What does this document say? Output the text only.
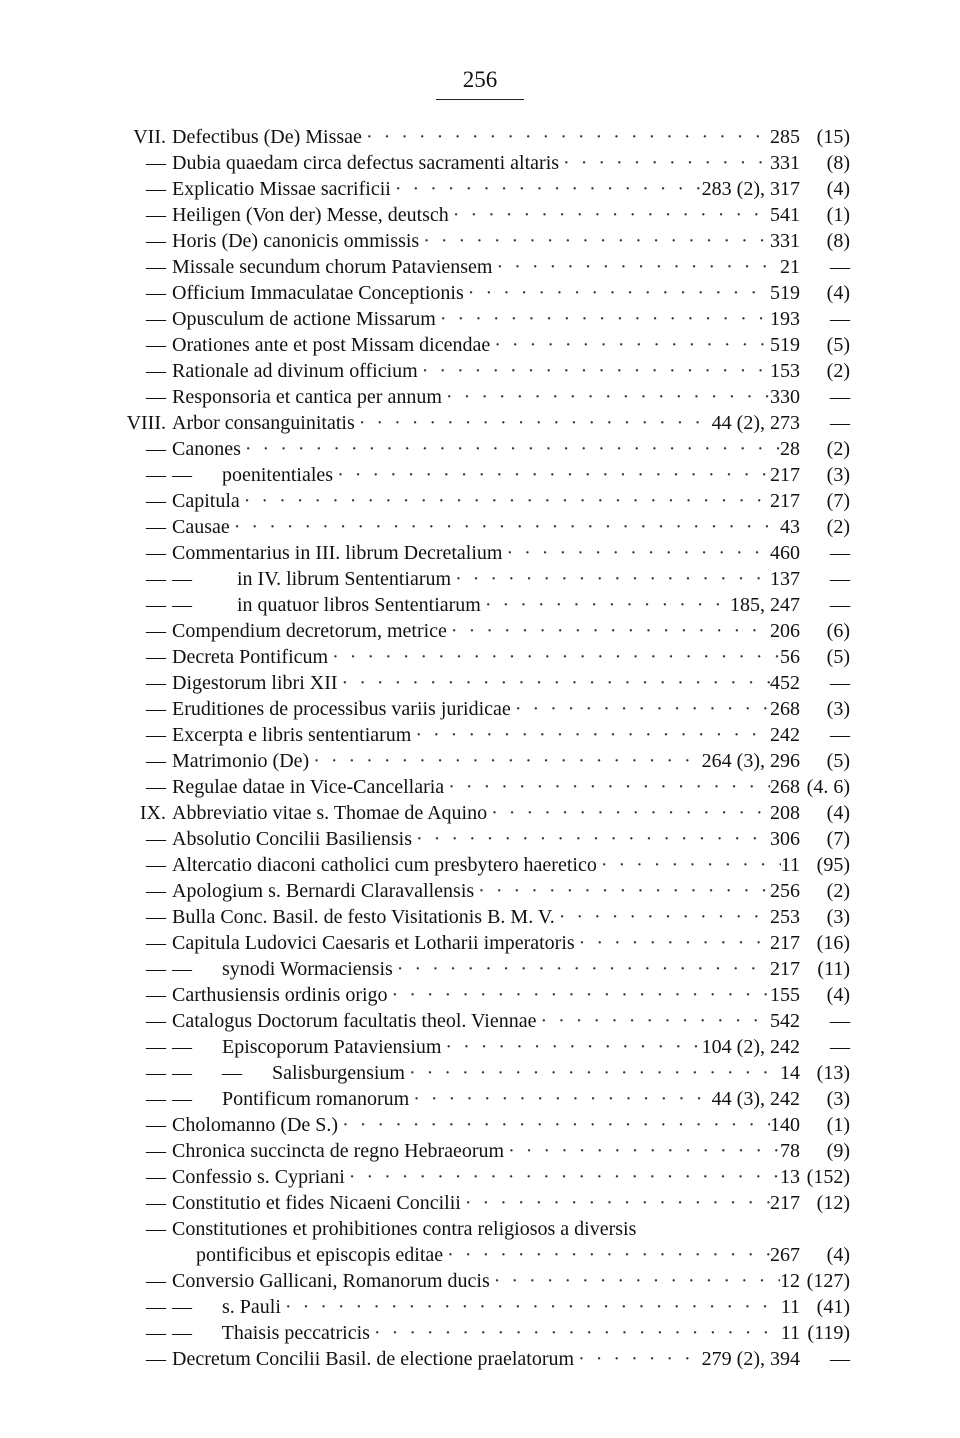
256
VII. Defectibus (De) Missae · · ·	285 (15)
— Dubia quaedam circa defectus sacramenti altaris · · ·	331	(8)
— Explicatio Missae sacrificii · · ·	283 (2), 317	(4)
— Heiligen (Von der) Messe, deutsch · · ·	541	(1)
— Horis (De) canonicis ommissis · · ·	331	(8)
— Missale secundum chorum Pataviensem · · ·	21	—
— Officium Immaculatae Conceptionis · · ·	519	(4)
— Opusculum de actione Missarum · · ·	193	—
— Orationes ante et post Missam dicendae · · ·	519	(5)
— Rationale ad divinum officium · · ·	153	(2)
— Responsoria et cantica per annum · · ·	330	—
VIII. Arbor consanguinitatis · · ·	44 (2), 273	—
— Canones · · ·	28	(2)
— —      poenitentiales · · ·	217	(3)
— Capitula · · ·	217	(7)
— Causae · · ·	43	(2)
— Commentarius in III. librum Decretalium · · ·	460	—
— —         in IV. librum Sententiarum · · ·	137	—
— —         in quatuor libros Sententiarum · · ·	185, 247	—
— Compendium decretorum, metrice · · ·	206	(6)
— Decreta Pontificum · · ·	56	(5)
— Digestorum libri XII · · ·	452	—
— Eruditiones de processibus variis juridicae · · ·	268	(3)
— Excerpta e libris sententiarum · · ·	242	—
— Matrimonio (De) · · ·	264 (3), 296	(5)
— Regulae datae in Vice-Cancellaria · · ·	268 (4. 6)
IX. Abbreviatio vitae s. Thomae de Aquino · · ·	208	(4)
— Absolutio Concilii Basiliensis · · ·	306	(7)
— Altercatio diaconi catholici cum presbytero haeretico · · ·	11 (95)
— Apologium s. Bernardi Claravallensis · · ·	256	(2)
— Bulla Conc. Basil. de festo Visitationis B. M. V. · · ·	253	(3)
— Capitula Ludovici Caesaris et Lotharii imperatoris · · ·	217 (16)
— —      synodi Wormaciensis · · ·	217 (11)
— Carthusiensis ordinis origo · · ·	155	(4)
— Catalogus Doctorum facultatis theol. Viennae · · ·	542	—
— —      Episcoporum Pataviensium · · ·	104 (2), 242	—
— —      —      Salisburgensium · · ·	14 (13)
— —      Pontificum romanorum · · ·	44 (3), 242	(3)
— Cholomanno (De S.) · · ·	140	(1)
— Chronica succincta de regno Hebraeorum · · ·	78	(9)
— Confessio s. Cypriani · · ·	13 (152)
— Constitutio et fides Nicaeni Concilii · · ·	217 (12)
— Constitutiones et prohibitiones contra religiosos a diversis
pontificibus et episcopis editae · · ·	267	(4)
— Conversio Gallicani, Romanorum ducis · · ·	12 (127)
— —      s. Pauli · · ·	11 (41)
— —      Thaisis peccatricis · · ·	11 (119)
— Decretum Concilii Basil. de electione praelatorum · · ·	279 (2), 394	—
